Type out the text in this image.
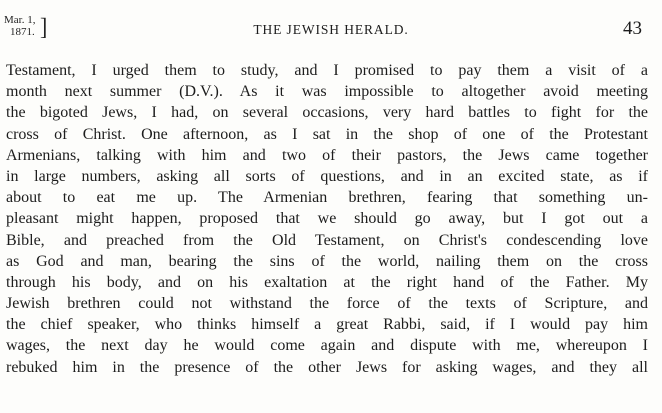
Mar. 1,
1871. ]	THE JEWISH HERALD.	43
Testament, I urged them to study, and I promised to pay them a visit of a
month next summer (D.V.). As it was impossible to altogether avoid meeting
the bigoted Jews, I had, on several occasions, very hard battles to fight for the
cross of Christ. One afternoon, as I sat in the shop of one of the Protestant
Armenians, talking with him and two of their pastors, the Jews came together
in large numbers, asking all sorts of questions, and in an excited state, as if
about to eat me up. The Armenian brethren, fearing that something un-
pleasant might happen, proposed that we should go away, but I got out a
Bible, and preached from the Old Testament, on Christ's condescending love
as God and man, bearing the sins of the world, nailing them on the cross
through his body, and on his exaltation at the right hand of the Father. My
Jewish brethren could not withstand the force of the texts of Scripture, and
the chief speaker, who thinks himself a great Rabbi, said, if I would pay him
wages, the next day he would come again and dispute with me, whereupon I
rebuked him in the presence of the other Jews for asking wages, and they all
